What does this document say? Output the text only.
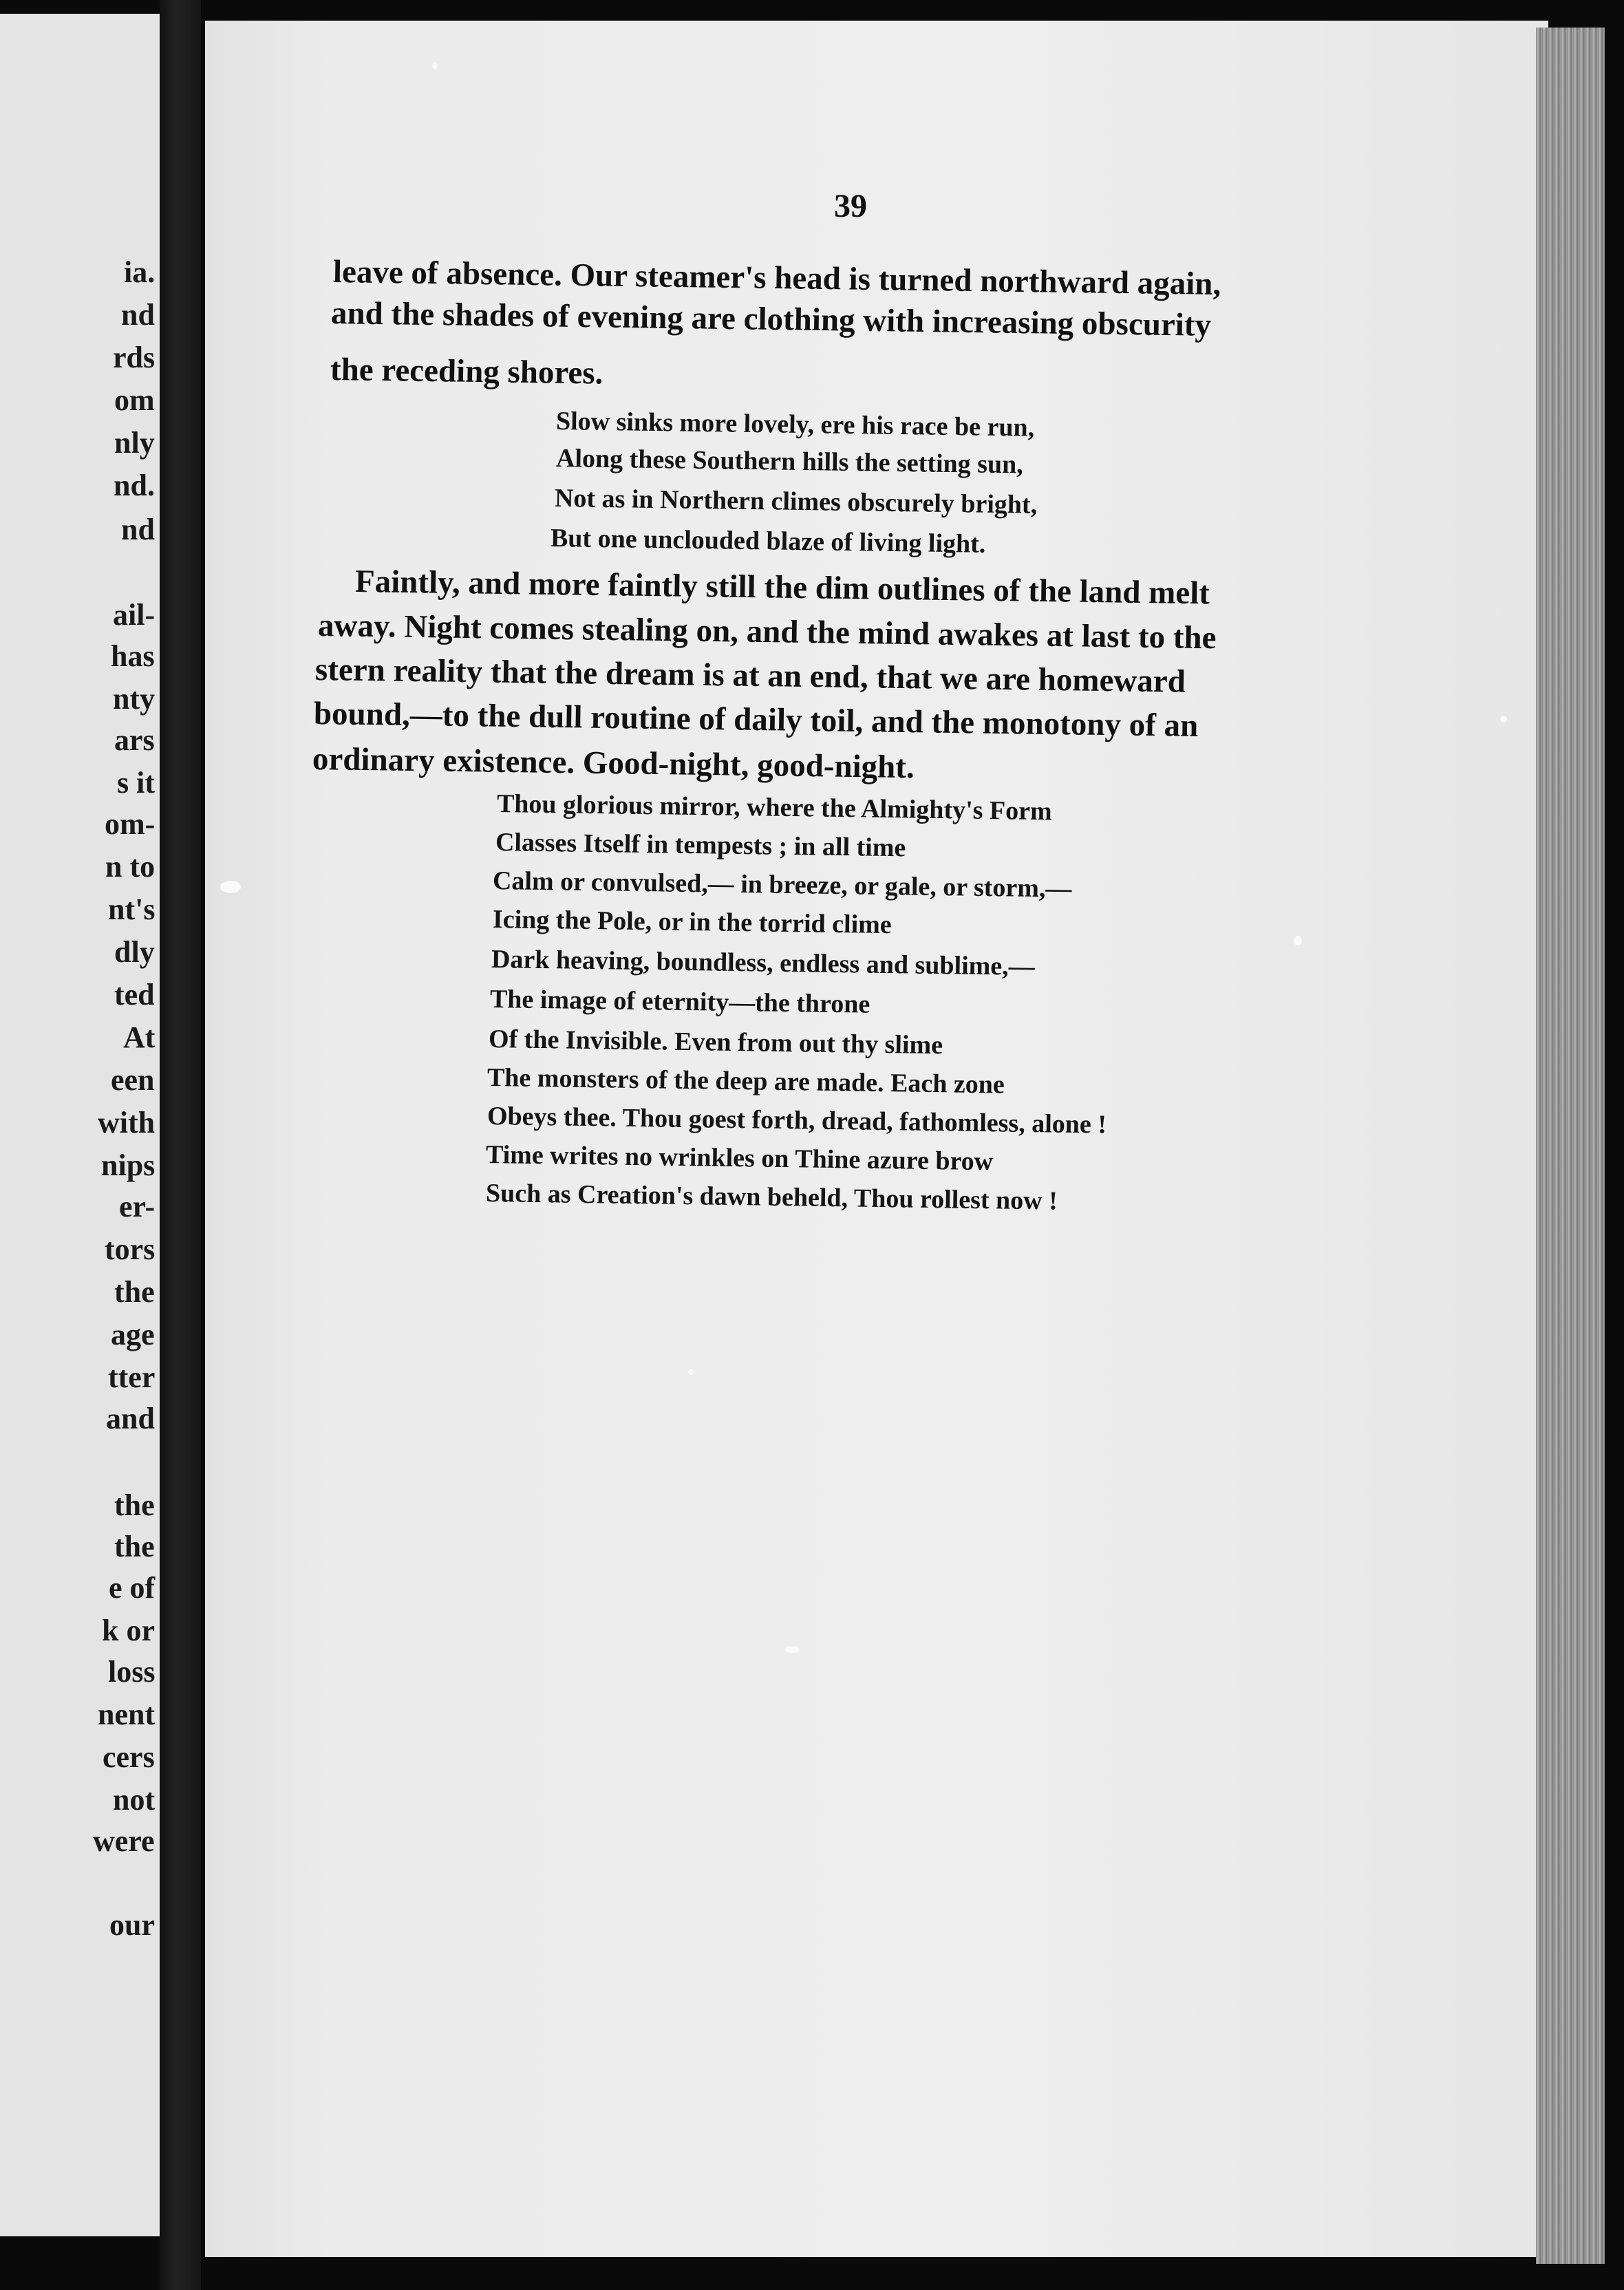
ia.
nd
rds
om
nly
nd.
nd
ail-
has
nty
ars
s it
om-
n to
nt's
dly
ted
At
een
with
nips
er-
tors
the
age
tter
and
the
the
e of
k or
loss
nent
cers
not
were
our
39
leave of absence. Our steamer's head is turned northward again,
and the shades of evening are clothing with increasing obscurity
the receding shores.
Slow sinks more lovely, ere his race be run,
Along these Southern hills the setting sun,
Not as in Northern climes obscurely bright,
But one unclouded blaze of living light.
Faintly, and more faintly still the dim outlines of the land melt
away. Night comes stealing on, and the mind awakes at last to the
stern reality that the dream is at an end, that we are homeward
bound,—to the dull routine of daily toil, and the monotony of an
ordinary existence. Good-night, good-night.
Thou glorious mirror, where the Almighty's Form
Classes Itself in tempests ; in all time
Calm or convulsed,— in breeze, or gale, or storm,—
Icing the Pole, or in the torrid clime
Dark heaving, boundless, endless and sublime,—
The image of eternity—the throne
Of the Invisible. Even from out thy slime
The monsters of the deep are made. Each zone
Obeys thee. Thou goest forth, dread, fathomless, alone !
Time writes no wrinkles on Thine azure brow
Such as Creation's dawn beheld, Thou rollest now !
